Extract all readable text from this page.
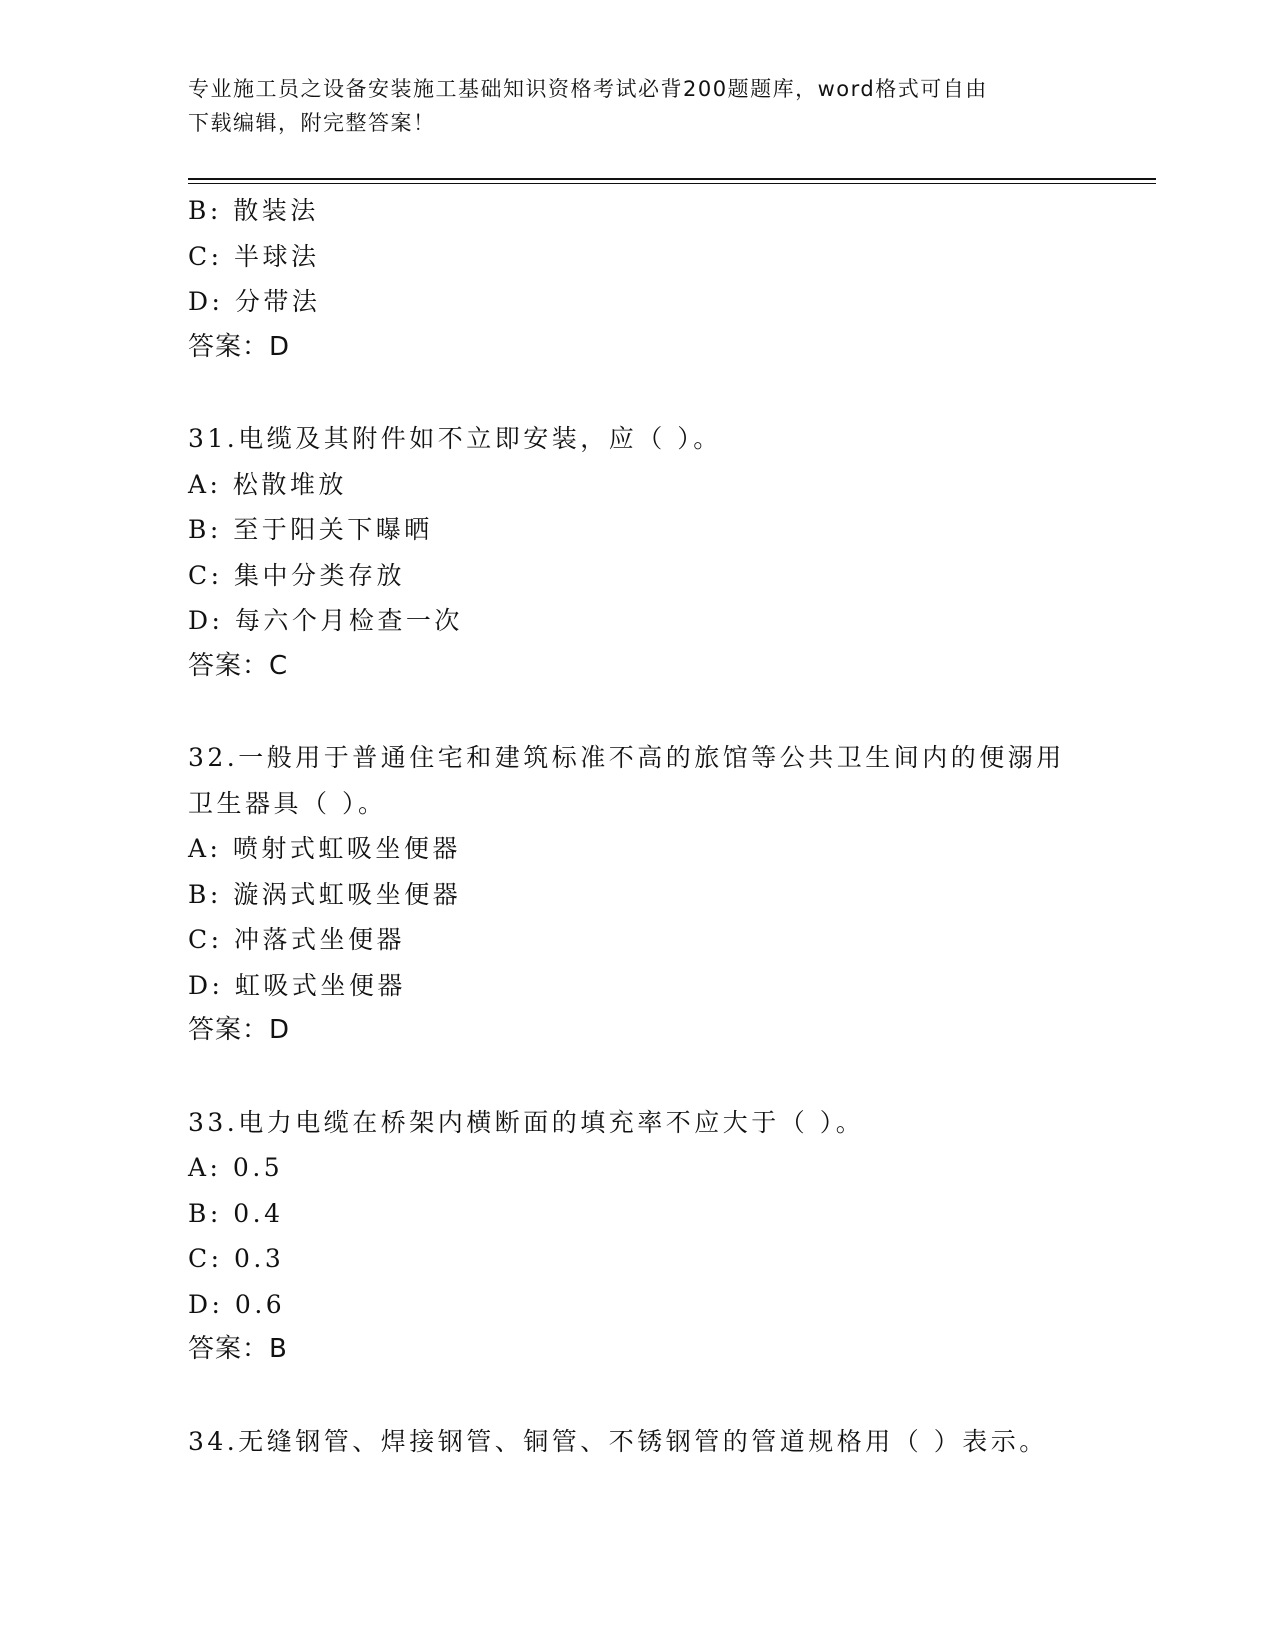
专业施工员之设备安装施工基础知识资格考试必背200题题库，word格式可自由
下载编辑，附完整答案！
B: 散装法
C: 半球法
D: 分带法
答案：D
31.电缆及其附件如不立即安装，应（ ）。
A: 松散堆放
B: 至于阳关下曝晒
C: 集中分类存放
D: 每六个月检查一次
答案：C
32.一般用于普通住宅和建筑标准不高的旅馆等公共卫生间内的便溺用
卫生器具（ ）。
A: 喷射式虹吸坐便器
B: 漩涡式虹吸坐便器
C: 冲落式坐便器
D: 虹吸式坐便器
答案：D
33.电力电缆在桥架内横断面的填充率不应大于（ ）。
A: 0.5
B: 0.4
C: 0.3
D: 0.6
答案：B
34.无缝钢管、焊接钢管、铜管、不锈钢管的管道规格用（ ）表示。
